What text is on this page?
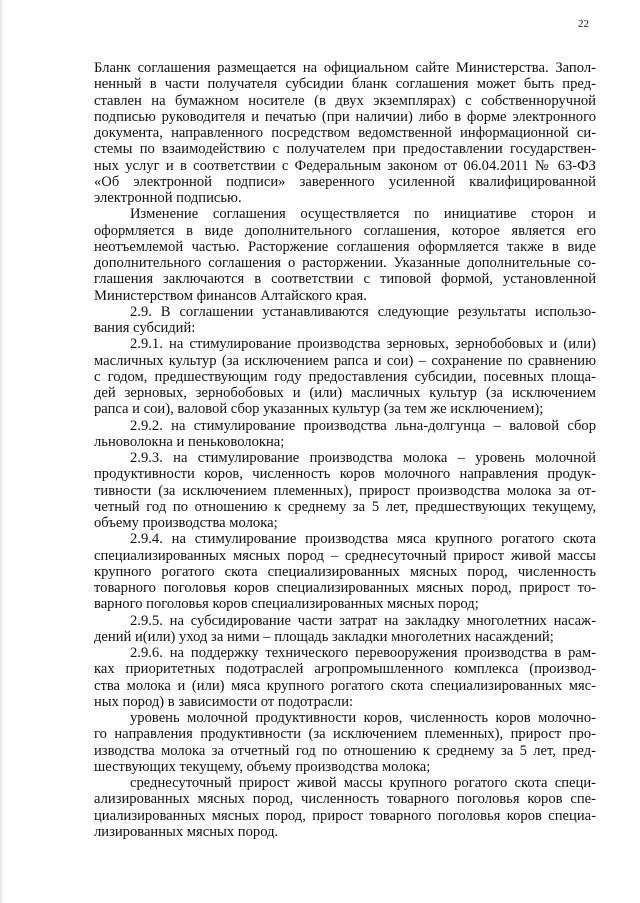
22
Бланк соглашения размещается на официальном сайте Министерства. Запол-
ненный в части получателя субсидии бланк соглашения может быть пред-
ставлен на бумажном носителе (в двух экземплярах) с собственноручной
подписью руководителя и печатью (при наличии) либо в форме электронного
документа, направленного посредством ведомственной информационной си-
стемы по взаимодействию с получателем при предоставлении государствен-
ных услуг и в соответствии с Федеральным законом от 06.04.2011 № 63-ФЗ
«Об электронной подписи» заверенного усиленной квалифицированной
электронной подписью.
Изменение соглашения осуществляется по инициативе сторон и
оформляется в виде дополнительного соглашения, которое является его
неотъемлемой частью. Расторжение соглашения оформляется также в виде
дополнительного соглашения о расторжении. Указанные дополнительные со-
глашения заключаются в соответствии с типовой формой, установленной
Министерством финансов Алтайского края.
2.9. В соглашении устанавливаются следующие результаты использо-
вания субсидий:
2.9.1. на стимулирование производства зерновых, зернобобовых и (или)
масличных культур (за исключением рапса и сои) – сохранение по сравнению
с годом, предшествующим году предоставления субсидии, посевных площа-
дей зерновых, зернобобовых и (или) масличных культур (за исключением
рапса и сои), валовой сбор указанных культур (за тем же исключением);
2.9.2. на стимулирование производства льна-долгунца – валовой сбор
льноволокна и пеньковолокна;
2.9.3. на стимулирование производства молока – уровень молочной
продуктивности коров, численность коров молочного направления продук-
тивности (за исключением племенных), прирост производства молока за от-
четный год по отношению к среднему за 5 лет, предшествующих текущему,
объему производства молока;
2.9.4. на стимулирование производства мяса крупного рогатого скота
специализированных мясных пород – среднесуточный прирост живой массы
крупного рогатого скота специализированных мясных пород, численность
товарного поголовья коров специализированных мясных пород, прирост то-
варного поголовья коров специализированных мясных пород;
2.9.5. на субсидирование части затрат на закладку многолетних насаж-
дений и(или) уход за ними – площадь закладки многолетних насаждений;
2.9.6. на поддержку технического перевооружения производства в рам-
ках приоритетных подотраслей агропромышленного комплекса (производ-
ства молока и (или) мяса крупного рогатого скота специализированных мяс-
ных пород) в зависимости от подотрасли:
уровень молочной продуктивности коров, численность коров молочно-
го направления продуктивности (за исключением племенных), прирост про-
изводства молока за отчетный год по отношению к среднему за 5 лет, пред-
шествующих текущему, объему производства молока;
среднесуточный прирост живой массы крупного рогатого скота специ-
ализированных мясных пород, численность товарного поголовья коров спе-
циализированных мясных пород, прирост товарного поголовья коров специа-
лизированных мясных пород.
